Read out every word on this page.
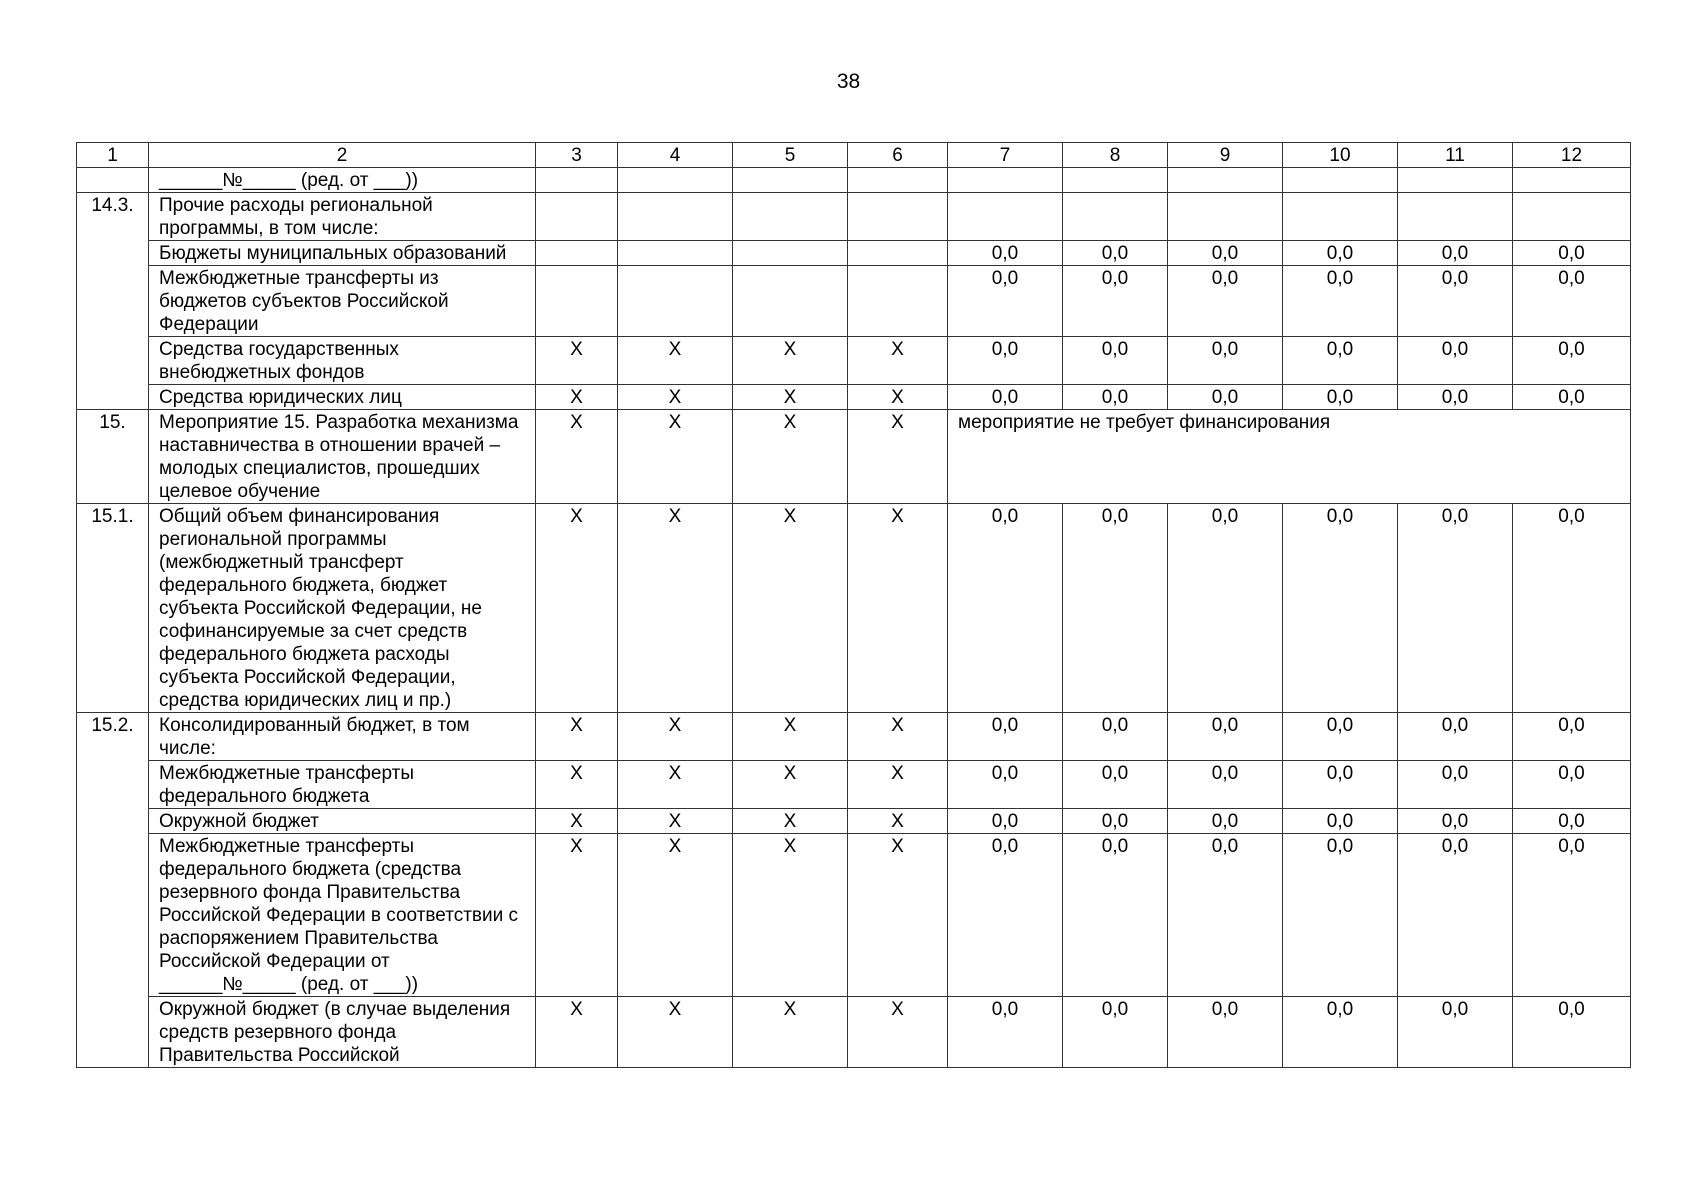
38
1	2	3	4	5	6	7	8	9	10	11	12
	______№_____ (ред. от ___))										
14.3.	Прочие расходы региональной программы, в том числе:										
	Бюджеты муниципальных образований					0,0	0,0	0,0	0,0	0,0	0,0
	Межбюджетные трансферты из бюджетов субъектов Российской Федерации					0,0	0,0	0,0	0,0	0,0	0,0
	Средства государственных внебюджетных фондов	X	X	X	X	0,0	0,0	0,0	0,0	0,0	0,0
	Средства юридических лиц	X	X	X	X	0,0	0,0	0,0	0,0	0,0	0,0
15.	Мероприятие 15. Разработка механизма наставничества в отношении врачей – молодых специалистов, прошедших целевое обучение	X	X	X	X	мероприятие не требует финансирования					
15.1.	Общий объем финансирования региональной программы (межбюджетный трансферт федерального бюджета, бюджет субъекта Российской Федерации, не софинансируемые за счет средств федерального бюджета расходы субъекта Российской Федерации, средства юридических лиц и пр.)	X	X	X	X	0,0	0,0	0,0	0,0	0,0	0,0
15.2.	Консолидированный бюджет, в том числе:	X	X	X	X	0,0	0,0	0,0	0,0	0,0	0,0
	Межбюджетные трансферты федерального бюджета	X	X	X	X	0,0	0,0	0,0	0,0	0,0	0,0
	Окружной бюджет	X	X	X	X	0,0	0,0	0,0	0,0	0,0	0,0
	Межбюджетные трансферты федерального бюджета (средства резервного фонда Правительства Российской Федерации в соответствии с распоряжением Правительства Российской Федерации от ______№_____ (ред. от ___))	X	X	X	X	0,0	0,0	0,0	0,0	0,0	0,0
	Окружной бюджет (в случае выделения средств резервного фонда Правительства Российской	X	X	X	X	0,0	0,0	0,0	0,0	0,0	0,0
